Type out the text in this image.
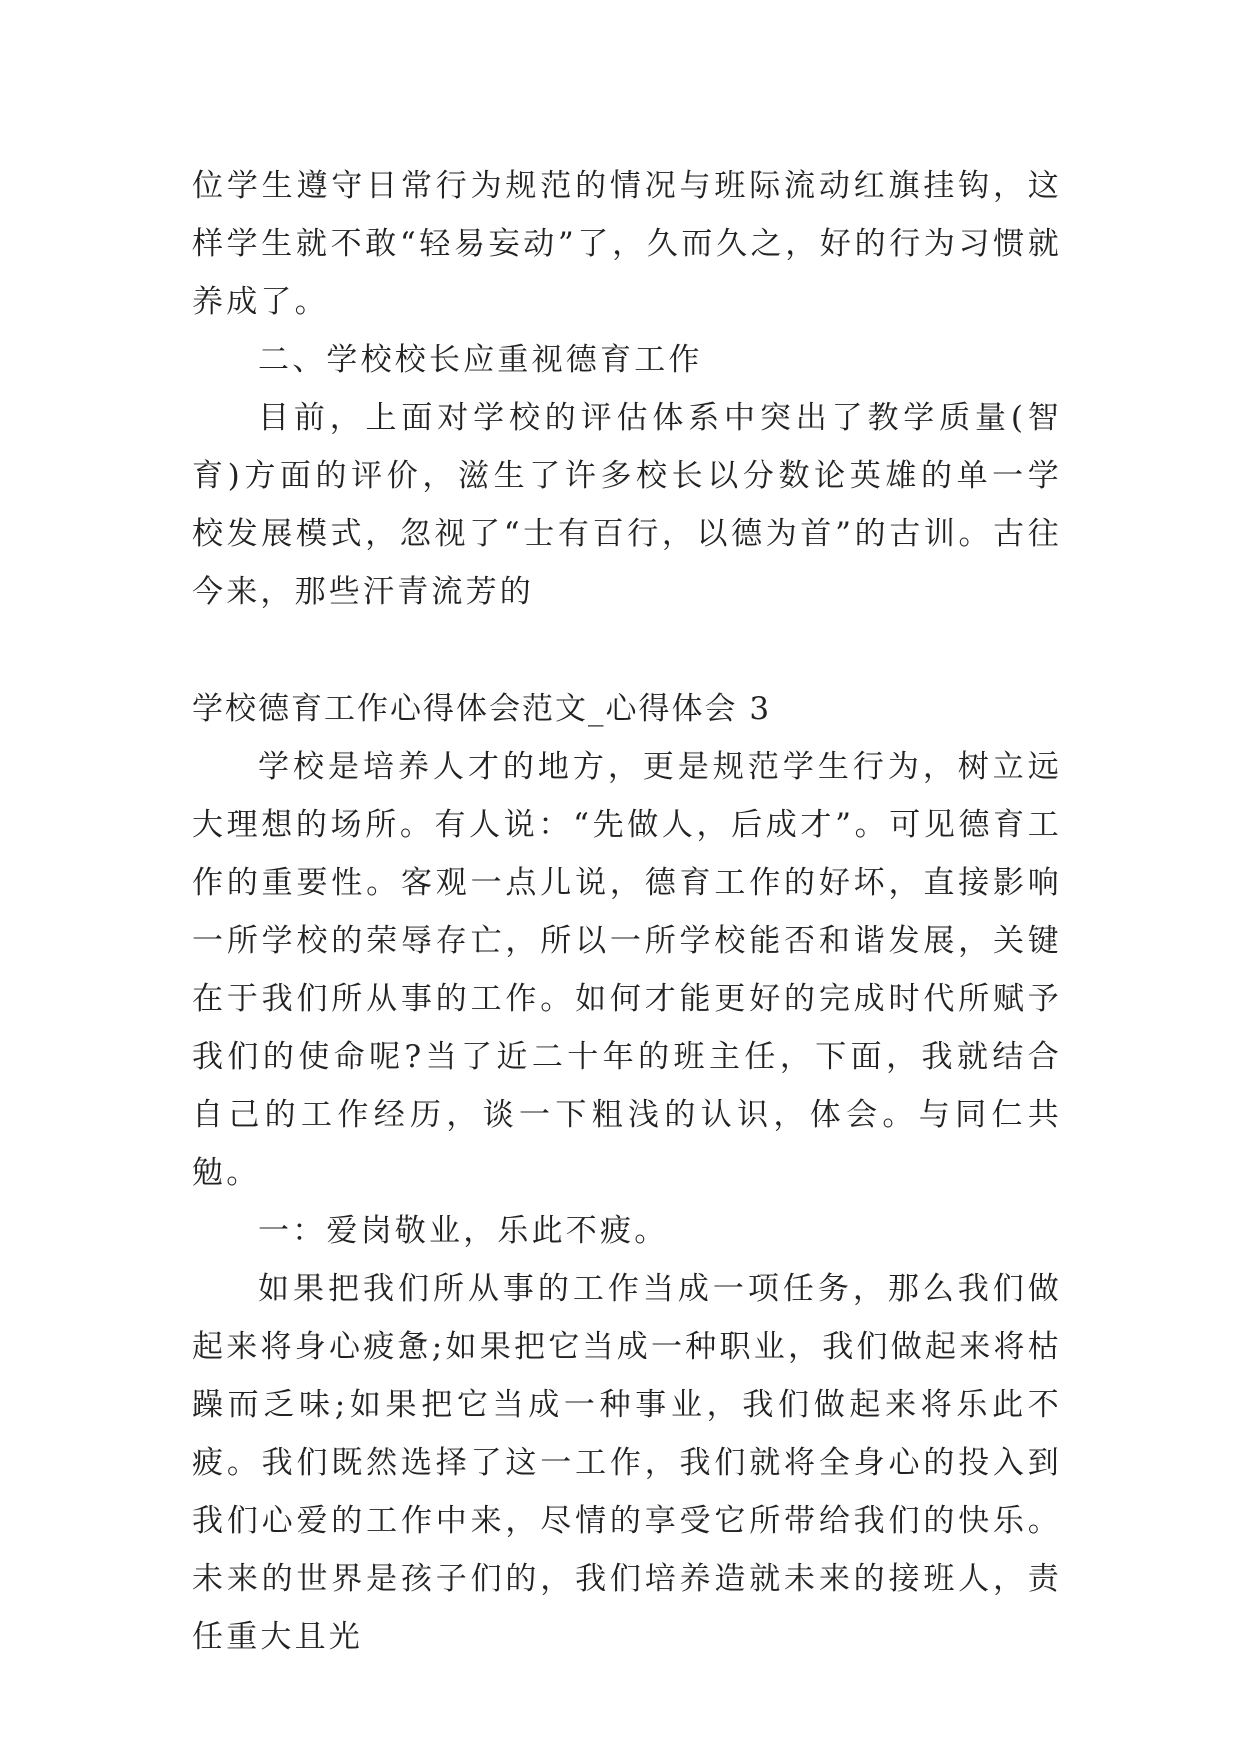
位学生遵守日常行为规范的情况与班际流动红旗挂钩，这样学生就不敢“轻易妄动”了，久而久之，好的行为习惯就养成了。

二、学校校长应重视德育工作

目前，上面对学校的评估体系中突出了教学质量(智育)方面的评价，滋生了许多校长以分数论英雄的单一学校发展模式，忽视了“士有百行，以德为首”的古训。古往今来，那些汗青流芳的

学校德育工作心得体会范文_心得体会 3

学校是培养人才的地方，更是规范学生行为，树立远大理想的场所。有人说：“先做人，后成才”。可见德育工作的重要性。客观一点儿说，德育工作的好坏，直接影响一所学校的荣辱存亡，所以一所学校能否和谐发展，关键在于我们所从事的工作。如何才能更好的完成时代所赋予我们的使命呢?当了近二十年的班主任，下面，我就结合自己的工作经历，谈一下粗浅的认识，体会。与同仁共勉。

一：爱岗敬业，乐此不疲。

如果把我们所从事的工作当成一项任务，那么我们做起来将身心疲惫;如果把它当成一种职业，我们做起来将枯躁而乏味;如果把它当成一种事业，我们做起来将乐此不疲。我们既然选择了这一工作，我们就将全身心的投入到我们心爱的工作中来，尽情的享受它所带给我们的快乐。未来的世界是孩子们的，我们培养造就未来的接班人，责任重大且光
